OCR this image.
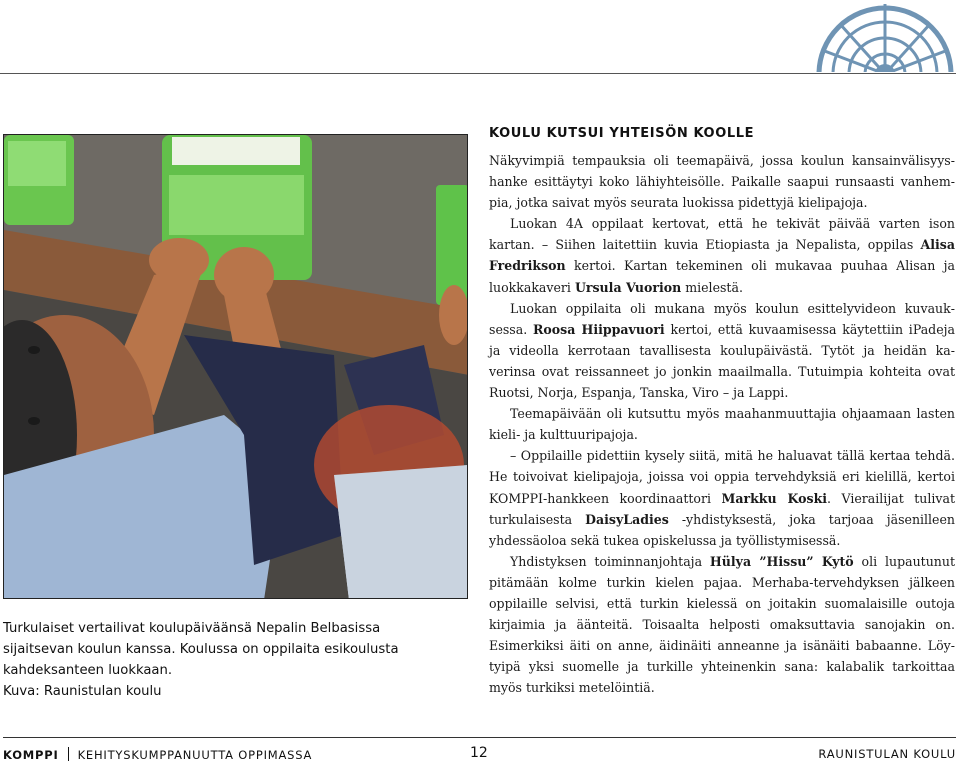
Turkulaiset vertailivat koulupäiväänsä Nepalin Belbasissa sijaitsevan koulun kanssa. Koulussa on oppilaita esikoulusta kahdeksanteen luokkaan.

Kuva: Raunistulan koulu

KOULU KUTSUI YHTEISÖN KOOLLE

Näkyvimpiä tempauksia oli teemapäivä, jossa koulun kansainvälisyyshanke esittäytyi koko lähiyhteisölle. Paikalle saapui runsaasti vanhempia, jotka saivat myös seurata luokissa pidettyjä kielipajoja.

Luokan 4A oppilaat kertovat, että he tekivät päivää varten ison kartan. – Siihen laitettiin kuvia Etiopiasta ja Nepalista, oppilas Alisa Fredrikson kertoi. Kartan tekeminen oli mukavaa puuhaa Alisan ja luokkakaveri Ursula Vuorion mielestä.

Luokan oppilaita oli mukana myös koulun esittelyvideon kuvauksessa. Roosa Hiippavuori kertoi, että kuvaamisessa käytettiin iPadeja ja videolla kerrotaan tavallisesta koulupäivästä. Tytöt ja heidän kaverinsa ovat reissanneet jo jonkin maailmalla. Tutuimpia kohteita ovat Ruotsi, Norja, Espanja, Tanska, Viro – ja Lappi.

Teemapäivään oli kutsuttu myös maahanmuuttajia ohjaamaan lasten kieli- ja kulttuuripajoja.

– Oppilaille pidettiin kysely siitä, mitä he haluavat tällä kertaa tehdä. He toivoivat kielipajoja, joissa voi oppia tervehdyksiä eri kielillä, kertoi KOMPPI-hankkeen koordinaattori Markku Koski. Vierailijat tulivat turkulaisesta DaisyLadies -yhdistyksestä, joka tarjoaa jäsenilleen yhdessäoloa sekä tukea opiskelussa ja työllistymisessä.

Yhdistyksen toiminnanjohtaja Hülya ”Hissu” Kytö oli lupautunut pitämään kolme turkin kielen pajaa. Merhaba-tervehdyksen jälkeen oppilaille selvisi, että turkin kielessä on joitakin suomalaisille outoja kirjaimia ja äänteitä. Toisaalta helposti omaksuttavia sanojakin on. Esimerkiksi äiti on anne, äidinäiti anneanne ja isänäiti babaanne. Löytyipä yksi suomelle ja turkille yhteinenkin sana: kalabalik tarkoittaa myös turkiksi metelöintiä.

KOMPPI KEHITYSKUMPPANUUTTA OPPIMASSA	12	RAUNISTULAN KOULU
